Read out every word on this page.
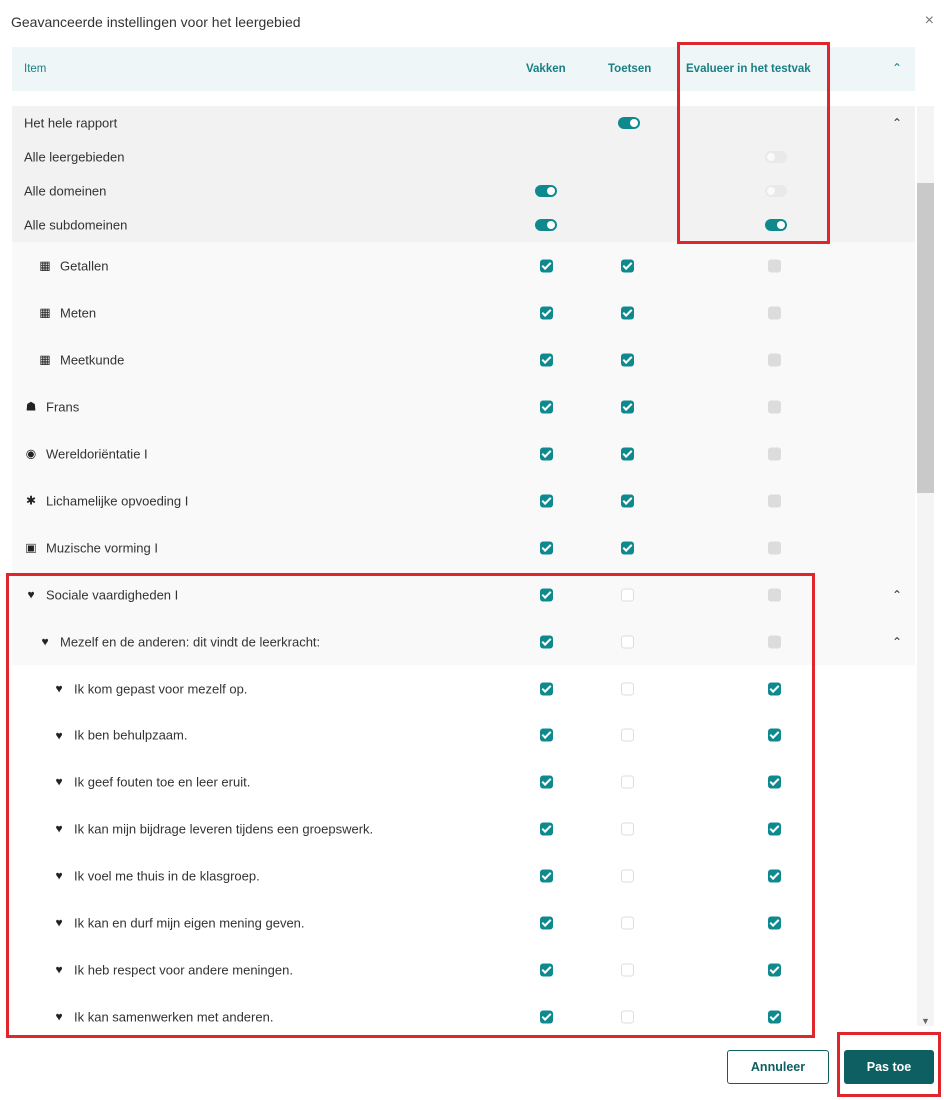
Geavanceerde instellingen voor het leergebied	×
Item	Vakken	Toetsen	Evalueer in het testvak	⌃
Het hele rapport	⌃
Alle leergebieden
Alle domeinen
Alle subdomeinen
▦ Getallen
▦ Meten
▦ Meetkunde
☗ Frans
◉ Wereldoriëntatie I
✱ Lichamelijke opvoeding I
▣ Muzische vorming I
♥ Sociale vaardigheden I	⌃
♥ Mezelf en de anderen: dit vindt de leerkracht:	⌃
♥ Ik kom gepast voor mezelf op.
♥ Ik ben behulpzaam.
♥ Ik geef fouten toe en leer eruit.
♥ Ik kan mijn bijdrage leveren tijdens een groepswerk.
♥ Ik voel me thuis in de klasgroep.
♥ Ik kan en durf mijn eigen mening geven.
♥ Ik heb respect voor andere meningen.
♥ Ik kan samenwerken met anderen.	▼
Annuleer	Pas toe
